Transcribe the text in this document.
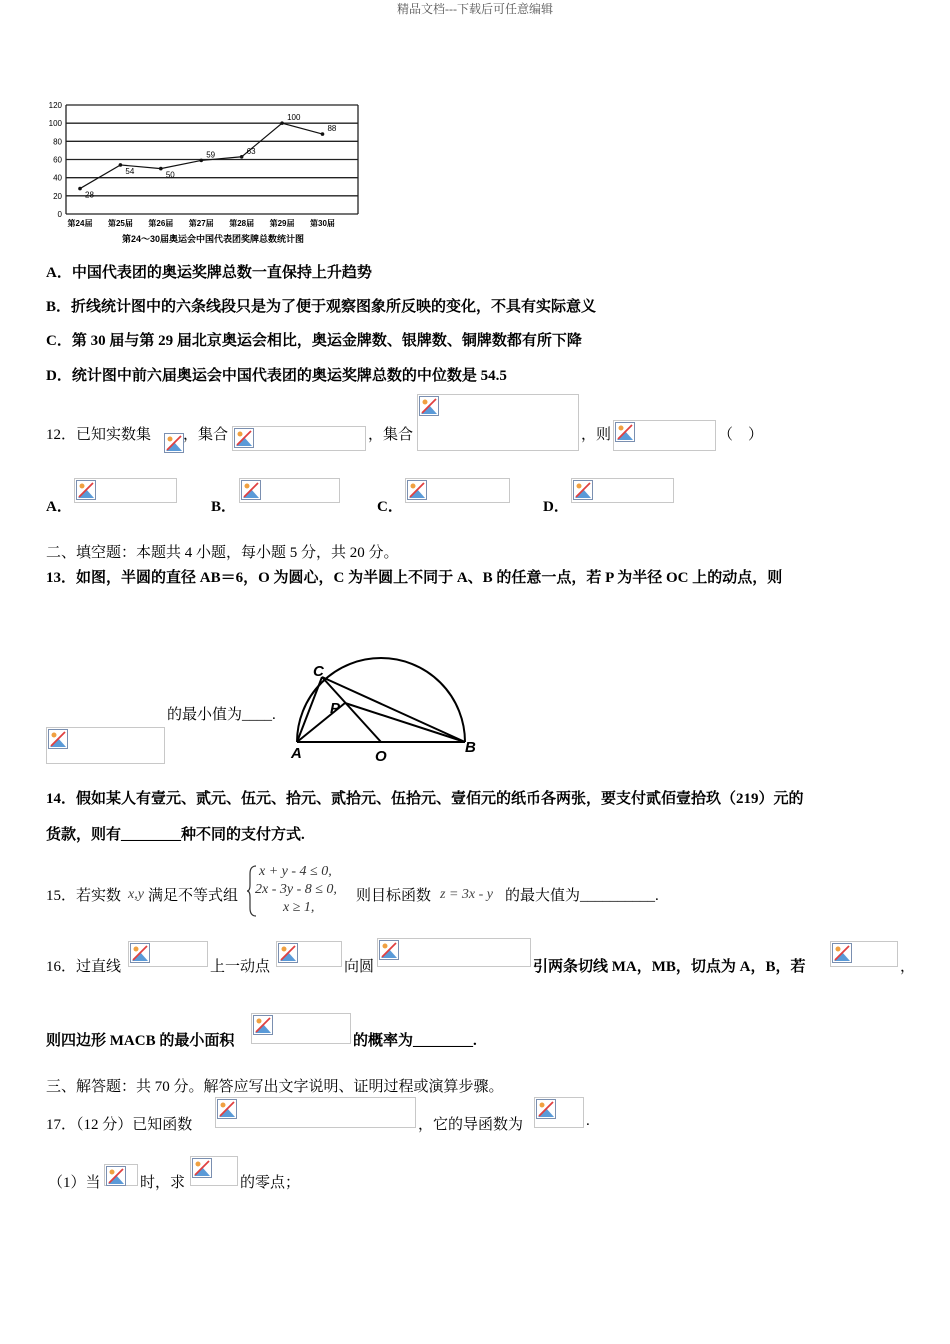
精品文档---下载后可任意编辑
0
20
40
60
80
100
120
28
54	50
59	63
100
88
第24届 第25届 第26届 第27届 第28届 第29届 第30届
第24～30届奥运会中国代表团奖牌总数统计图
A．中国代表团的奥运奖牌总数一直保持上升趋势
B．折线统计图中的六条线段只是为了便于观察图象所反映的变化，不具有实际意义
C．第 30 届与第 29 届北京奥运会相比，奥运金牌数、银牌数、铜牌数都有所下降
D．统计图中前六届奥运会中国代表团的奥运奖牌总数的中位数是 54.5
12．已知实数集 ，集合	，集合	，则	（　）
A．	B．	C．	D．
二、填空题：本题共 4 小题，每小题 5 分，共 20 分。
13．如图，半圆的直径 AB＝6，O 为圆心，C 为半圆上不同于 A、B 的任意一点，若 P 为半径 OC 上的动点，则
的最小值为____.
C
P
A	O
B
14．假如某人有壹元、贰元、伍元、拾元、贰拾元、伍拾元、壹佰元的纸币各两张，要支付贰佰壹拾玖（219）元的
货款，则有________种不同的支付方式.
15．若实数 x,y 满足不等式组
x + y - 4 ≤ 0,
2x - 3y - 8 ≤ 0,
x ≥ 1,
则目标函数 z = 3x - y 的最大值为__________.
16．过直线	上一动点	向圆	引两条切线 MA，MB，切点为 A，B，若	，
则四边形 MACB 的最小面积	的概率为________.
三、解答题：共 70 分。解答应写出文字说明、证明过程或演算步骤。
17．（12 分）已知函数	，它的导函数为	.
（1）当	时，求	的零点；
